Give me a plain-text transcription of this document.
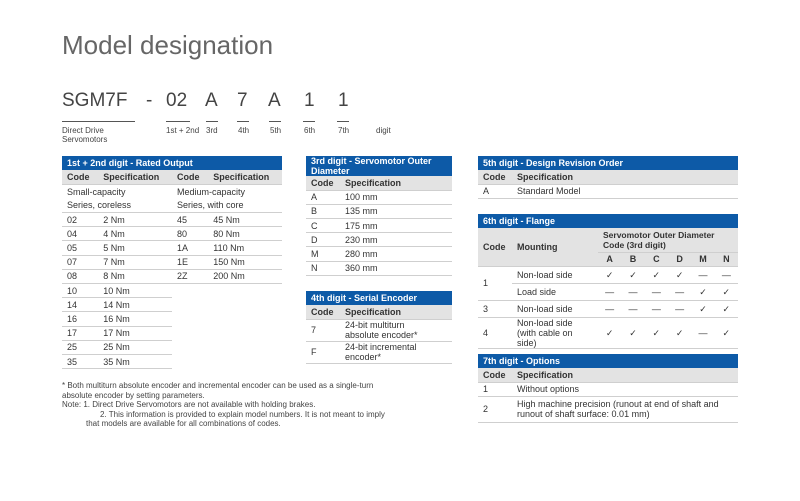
Model designation
SGM7F - 02 A 7 A 1 1
Direct Drive
Servomotors
1st + 2nd 3rd	4th	5th	6th	7th	digit
1st + 2nd digit - Rated Output			
Code	Specification	Code	Specification
Small-capacity		Medium-capacity	
Series, coreless		Series, with core	
02	2 Nm	45	45 Nm
04	4 Nm	80	80 Nm
05	5 Nm	1A	110 Nm
07	7 Nm	1E	150 Nm
08	8 Nm	2Z	200 Nm
10	10 Nm		
14	14 Nm		
16	16 Nm		
17	17 Nm		
25	25 Nm		
35	35 Nm		
3rd digit - Servomotor Outer Diameter	
Code	Specification
A	100 mm
B	135 mm
C	175 mm
D	230 mm
M	280 mm
N	360 mm
4th digit - Serial Encoder	
Code	Specification
7	24-bit multiturn
absolute encoder*
F	24-bit incremental
encoder*
5th digit - Design Revision Order	
Code	Specification
A	Standard Model
6th digit - Flange							
Code	Mounting	Servomotor Outer Diameter Code (3rd digit)					
		A	B	C	D	M	N
1	Non-load side	✓	✓	✓	✓	—	—
	Load side	—	—	—	—	✓	✓
3	Non-load side	—	—	—	—	✓	✓
4	Non-load side
(with cable on side)	✓	✓	✓	✓	—	✓
7th digit - Options	
Code	Specification
1	Without options
2	High machine precision (runout at end of shaft and
runout of shaft surface: 0.01 mm)

* Both multiturn absolute encoder and incremental encoder can be used as a single-turn

absolute encoder by setting parameters.

Note: 1. Direct Drive Servomotors are not available with holding brakes.

2. This information is provided to explain model numbers. It is not meant to imply

that models are available for all combinations of codes.
